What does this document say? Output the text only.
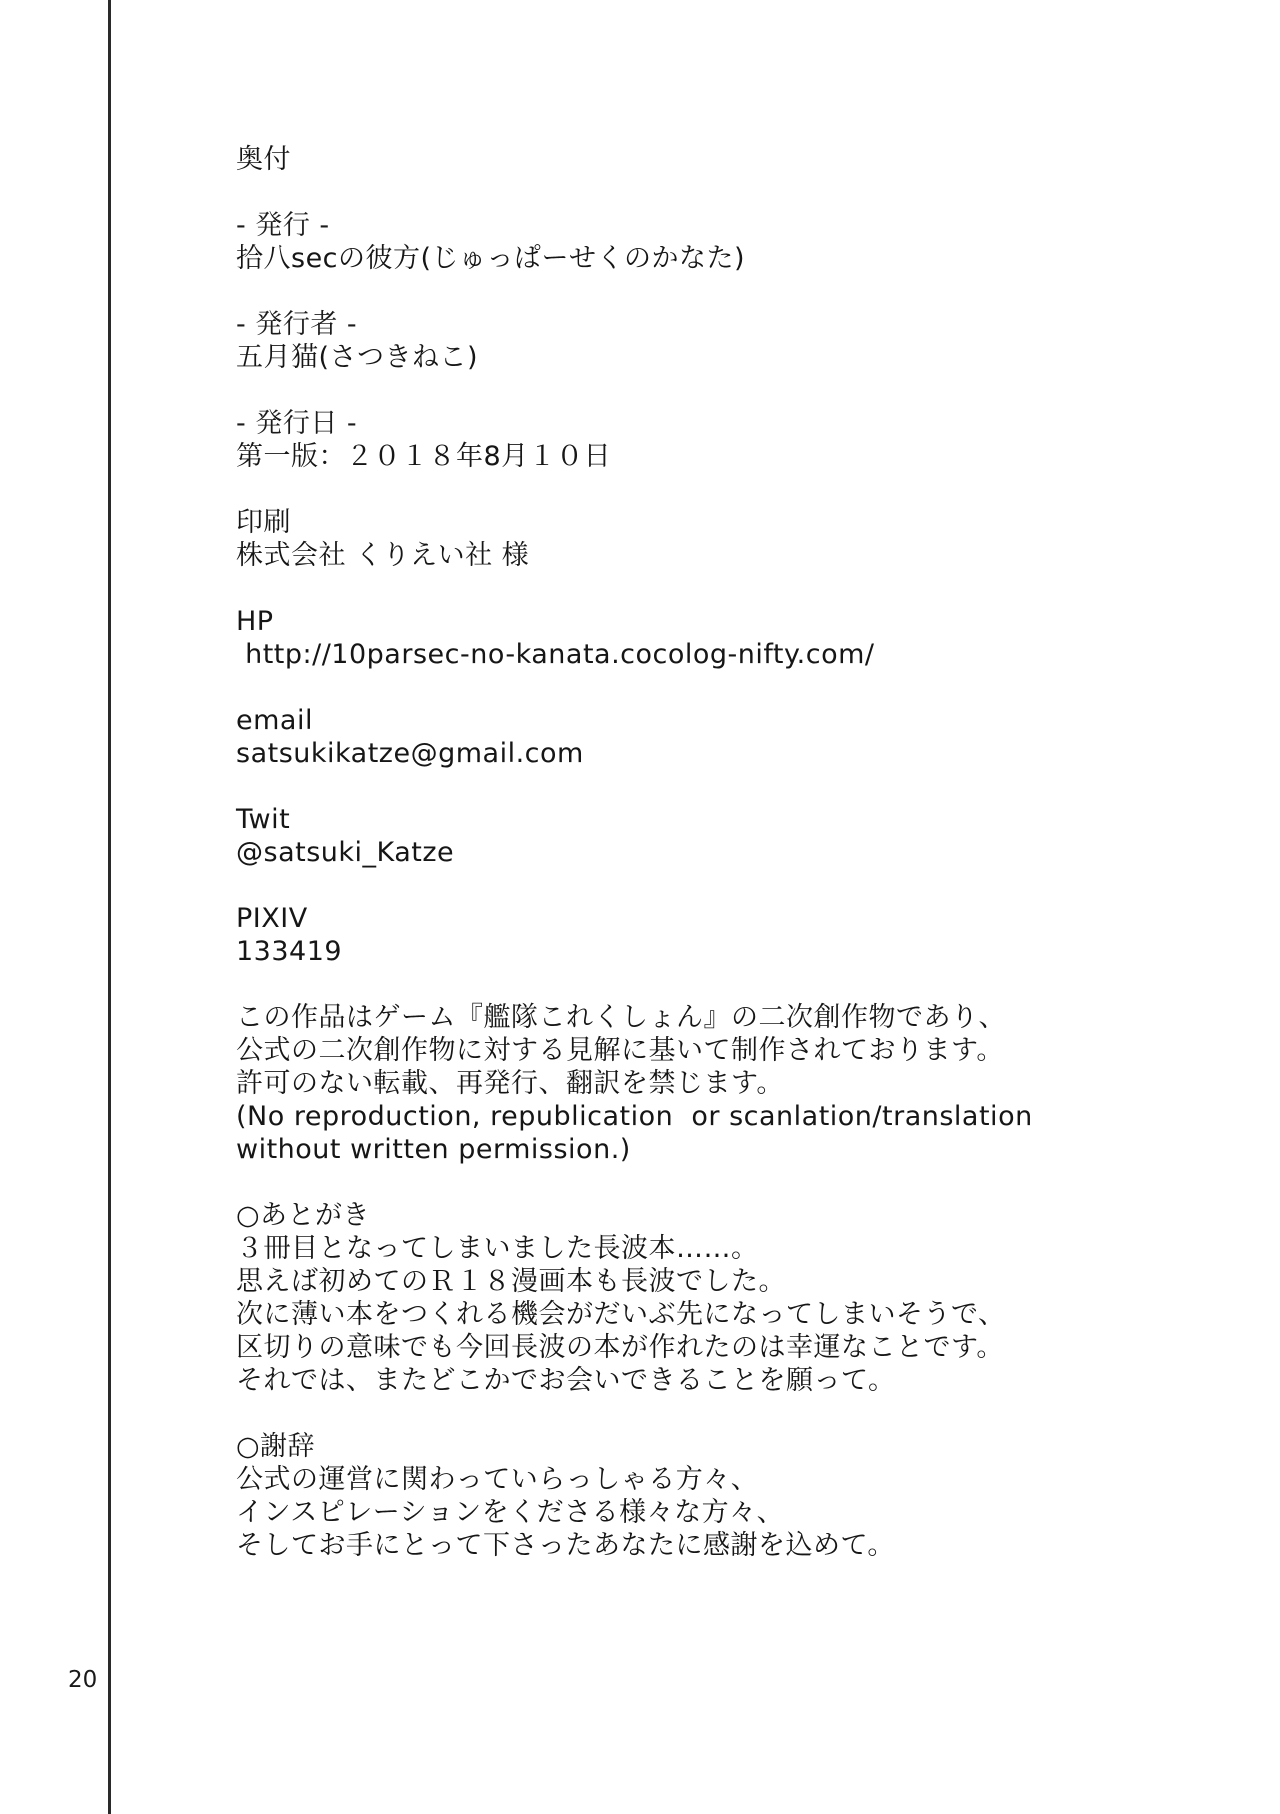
奥付
- 発行 -
拾八secの彼方(じゅっぱーせくのかなた)
- 発行者 -
五月猫(さつきねこ)
- 発行日 -
第一版：２０１８年8月１０日
印刷
株式会社 くりえい社 様
HP
http://10parsec-no-kanata.cocolog-nifty.com/
email
satsukikatze@gmail.com
Twit
@satsuki_Katze
PIXIV
133419
この作品はゲーム『艦隊これくしょん』の二次創作物であり、
公式の二次創作物に対する見解に基いて制作されております。
許可のない転載、再発行、翻訳を禁じます。
(No reproduction, republication  or scanlation/translation
without written permission.)
○あとがき
３冊目となってしまいました長波本……。
思えば初めてのＲ１８漫画本も長波でした。
次に薄い本をつくれる機会がだいぶ先になってしまいそうで、
区切りの意味でも今回長波の本が作れたのは幸運なことです。
それでは、またどこかでお会いできることを願って。
○謝辞
公式の運営に関わっていらっしゃる方々、
インスピレーションをくださる様々な方々、
そしてお手にとって下さったあなたに感謝を込めて。
20
